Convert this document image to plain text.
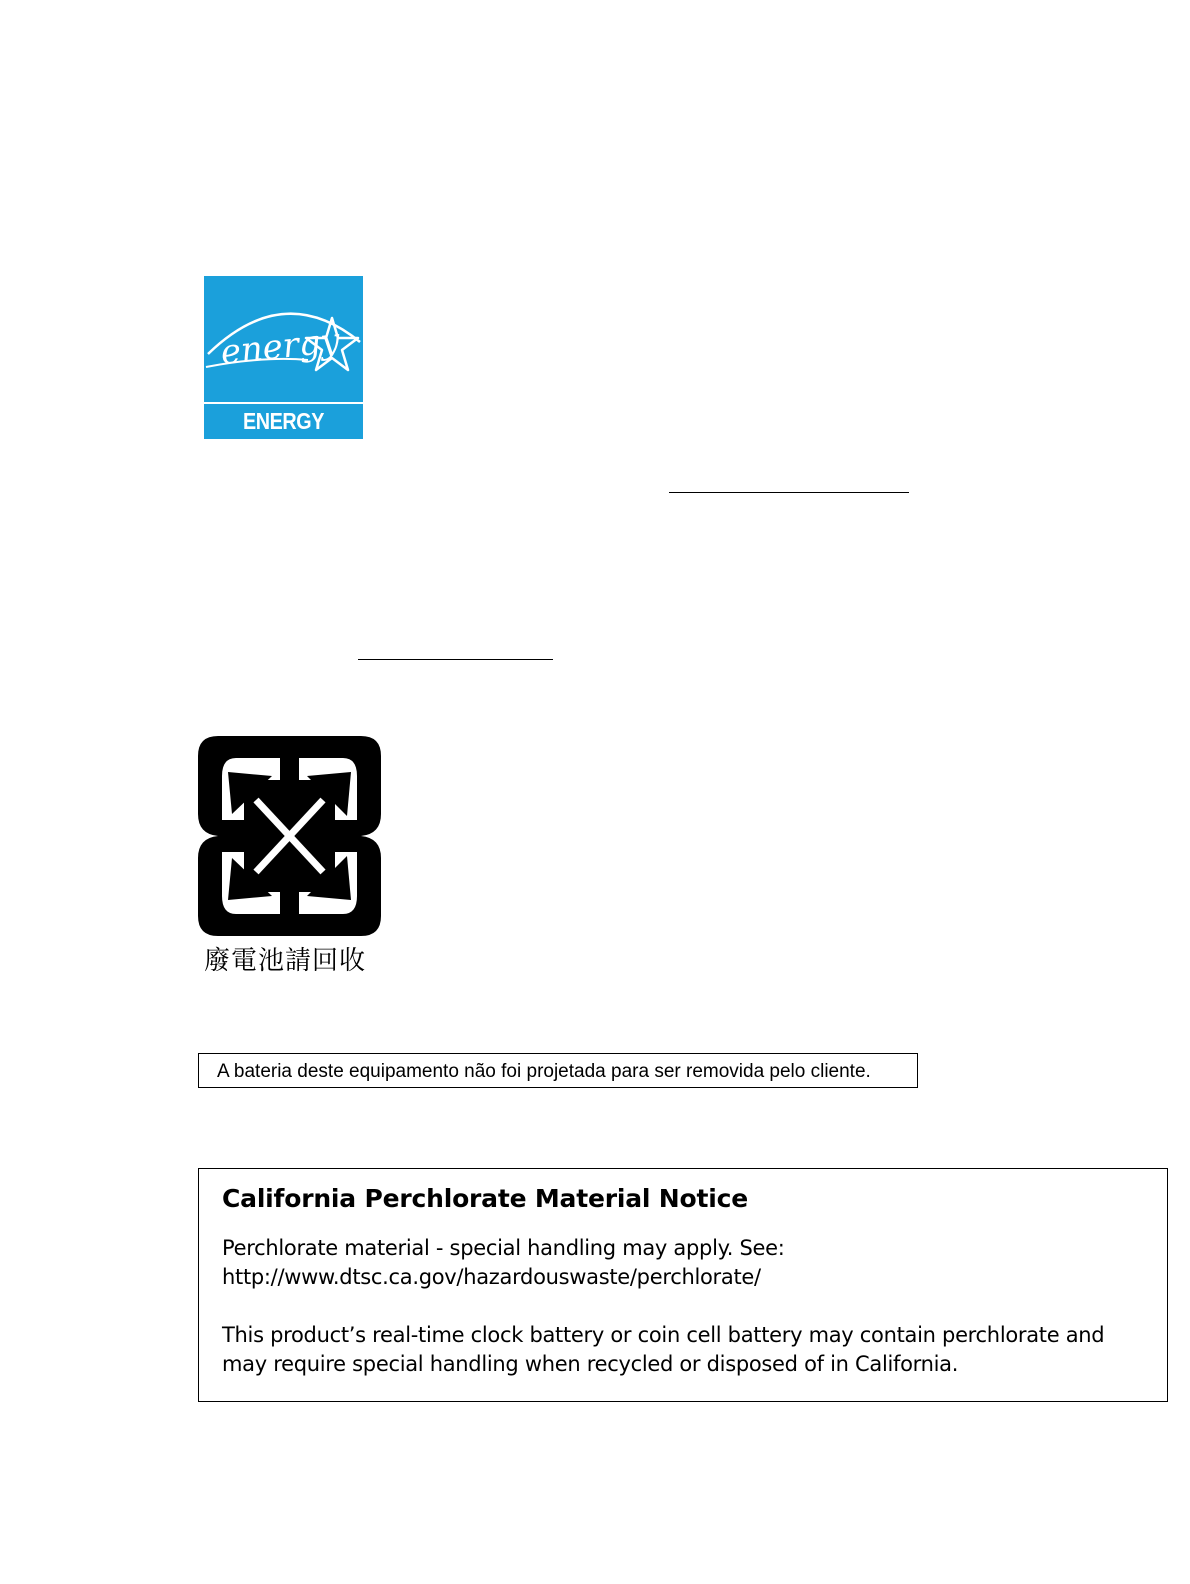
energy
ENERGY STAR
廢電池請回收
A bateria deste equipamento não foi projetada para ser removida pelo cliente.

California Perchlorate Material Notice

Perchlorate material - special handling may apply. See:

http://www.dtsc.ca.gov/hazardouswaste/perchlorate/

This product’s real-time clock battery or coin cell battery may contain perchlorate and

may require special handling when recycled or disposed of in California.
